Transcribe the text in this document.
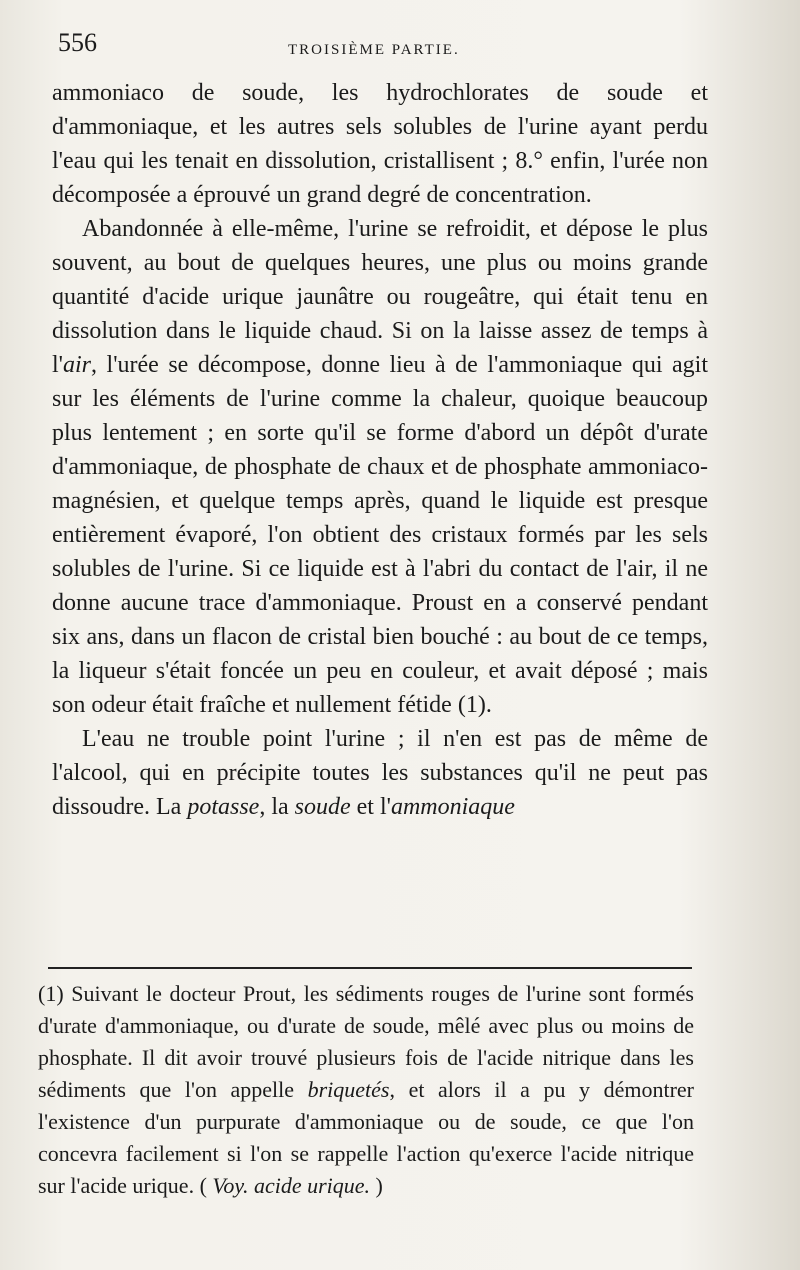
556	TROISIÈME PARTIE.

ammoniaco de soude, les hydrochlorates de soude et d'ammoniaque, et les autres sels solubles de l'urine ayant perdu l'eau qui les tenait en dissolution, cristallisent ; 8.° enfin, l'urée non décomposée a éprouvé un grand degré de concentration.

Abandonnée à elle-même, l'urine se refroidit, et dépose le plus souvent, au bout de quelques heures, une plus ou moins grande quantité d'acide urique jaunâtre ou rougeâtre, qui était tenu en dissolution dans le liquide chaud. Si on la laisse assez de temps à l'air, l'urée se décompose, donne lieu à de l'ammoniaque qui agit sur les éléments de l'urine comme la chaleur, quoique beaucoup plus lentement ; en sorte qu'il se forme d'abord un dépôt d'urate d'ammoniaque, de phosphate de chaux et de phosphate ammoniaco-magnésien, et quelque temps après, quand le liquide est presque entièrement évaporé, l'on obtient des cristaux formés par les sels solubles de l'urine. Si ce liquide est à l'abri du contact de l'air, il ne donne aucune trace d'ammoniaque. Proust en a conservé pendant six ans, dans un flacon de cristal bien bouché : au bout de ce temps, la liqueur s'était foncée un peu en couleur, et avait déposé ; mais son odeur était fraîche et nullement fétide (1).

L'eau ne trouble point l'urine ; il n'en est pas de même de l'alcool, qui en précipite toutes les substances qu'il ne peut pas dissoudre. La potasse, la soude et l'ammoniaque

(1) Suivant le docteur Prout, les sédiments rouges de l'urine sont formés d'urate d'ammoniaque, ou d'urate de soude, mêlé avec plus ou moins de phosphate. Il dit avoir trouvé plusieurs fois de l'acide nitrique dans les sédiments que l'on appelle briquetés, et alors il a pu y démontrer l'existence d'un purpurate d'ammoniaque ou de soude, ce que l'on concevra facilement si l'on se rappelle l'action qu'exerce l'acide nitrique sur l'acide urique. ( Voy. acide urique. )
